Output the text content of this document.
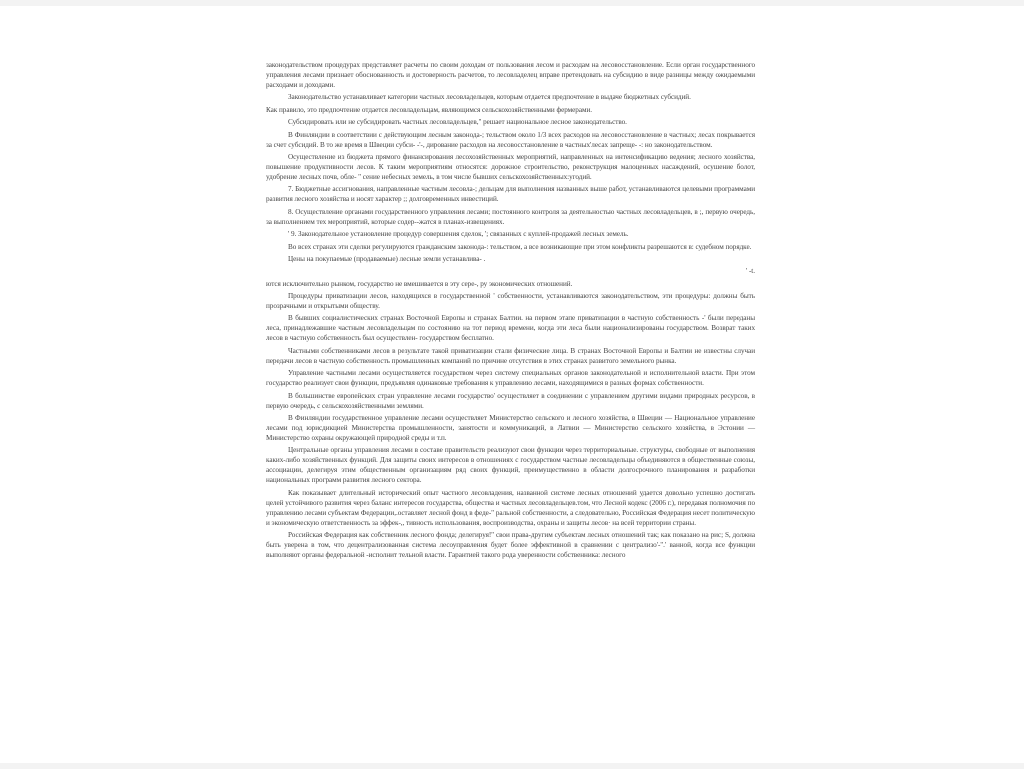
законодательством процедурах представляет расчеты по своим доходам от пользования лесом и расходам на лесовосстановление. Если орган государственного управления лесами признает обоснованность и достоверность расчетов, то лесовладелец вправе претендовать на субсидию в виде разницы между ожидаемыми расходами и доходами.

Законодательство устанавливает категории частных лесовладельцев, которым отдается предпочтение в выдаче бюджетных субсидий.

Как правило, это предпочтение отдается лесовладельцам, являющимся сельскохозяйственными фермерами.

Субсидировать или не субсидировать частных лесовладельцев," решает национальное лесное законодательство.

В Финляндии в соответствии с действующим лесным законода-; тельством около 1/3 всех расходов на лесовосстановление в частных; лесах покрывается за счет субсидий. В то же время в Швеции субси- -'-, дирование расходов на лесовосстановление в частных'лесах запреще- -: но законодательством.

Осуществление из бюджета прямого финансирования лесохозяйственных мероприятий, направленных на интенсификацию ведения; лесного хозяйства, повышение продуктивности лесов. К таким мероприятиям относятся: дорожное строительство, реконструкция малоценных насаждений, осушение болот, удобрение лесных почв, обле- " сение небесных земель, в том числе бывших сельскохозяйственных:угодий.

7. Бюджетные ассигнования, направленные частным лесовла-; дельцам для выполнения названных выше работ, устанавливаются целевыми программами развития лесного хозяйства и носят характер ;; долговременных инвестиций.

8. Осуществление органами государственного управления лесами; постоянного контроля за деятельностью частных лесовладельцев, в ;, первую очередь, за выполнением тех мероприятий, которые содер--жатся в планах-извещениях.

' 9. Законодательное установление процедур совершения сделок, '; связанных с куплей-продажей лесных земель.

Во всех странах эти сделки регулируются гражданским законода-: тельством, а все возникающие при этом конфликты разрешаются в: судебном порядке.

Цены на покупаемые (продаваемые) лесные земли устанавлива- .

' -t.

ются исключительно рынком, государство не вмешивается в эту сере-, ру экономических отношений.

Процедуры приватизации лесов, находящихся в государственной ' собственности, устанавливаются законодательством, эти процедуры: должны быть прозрачными и открытыми обществу.

В бывших социалистических странах Восточной Европы и странах Балтии. на первом этапе приватизации в частную собственность -' были переданы леса, принадлежавшие частным лесовладельцам по состоянию на тот период времени, когда эти леса были национализированы государством. Возврат таких лесов в частную собственность был осуществлен- государством бесплатно.

Частными собственниками лесов в результате такой приватизации стали физические лица. В странах Восточной Европы и Балтии не известны случаи передачи лесов в частную собственность промышленных компаний по причине отсутствия в этих странах развитого земельного рынка.

Управление частными лесами осуществляется государством через систему специальных органов законодательной и исполнительной власти. При этом государство реализует свои функции, предъявляя одинаковые требования к управлению лесами, находящимися в разных формах собственности.

В большинстве европейских стран управление лесами государство' осуществляет в соединении с управлением другими видами природных ресурсов, в первую очередь, с сельскохозяйственными землями.

В Финляндии государственное управление лесами осуществляет Министерство сельского и лесного хозяйства, в Швеции — Национальное управление лесами под юрисдикцией Министерства промышленности, занятости и коммуникаций, в Латвии — Министерство сельского хозяйства, в Эстонии — Министерство охраны окружающей природной среды и т.п.

Центральные органы управления лесами в составе правительств реализуют свои функции через территориальные. структуры, свободные от выполнения каких-либо хозяйственных функций. Для защиты своих интересов в отношениях с государством частные лесовладельцы объединяются в общественные союзы, ассоциации, делегируя этим общественным организациям ряд своих функций, преимущественно в области долгосрочного планирования и разработки национальных программ развития лесного сектора.

Как показывает длительный исторический опыт частного лесовладения, названной системе лесных отношений удается довольно успешно достигать целей устойчивого развития через баланс интересов государства, общества и частных лесовладельцев.том, что Лесной кодекс (2006 г.), передавая полномочия по управлению лесами субъектам Федерации,.оставляет лесной фонд в феде-" ральной собственности, а следовательно, Российская Федерация несет политическую и экономическую ответственность за эффек-,, тивность использования, воспроизводства, охраны и защиты лесов· на всей территории страны.

Российская Федерация как собственник лесного фонда; делегируя!" свои права-другим субъектам лесных отношений так; как показано на рис; S, должна быть уверена в том, что децентрализованная система лесоуправления будет более эффективной в сравнении с централизо'-".' ванной, когда все функции выполняют органы федеральной -исполнит тельной власти. Гарантией такого рода уверенности собственника: лесного
